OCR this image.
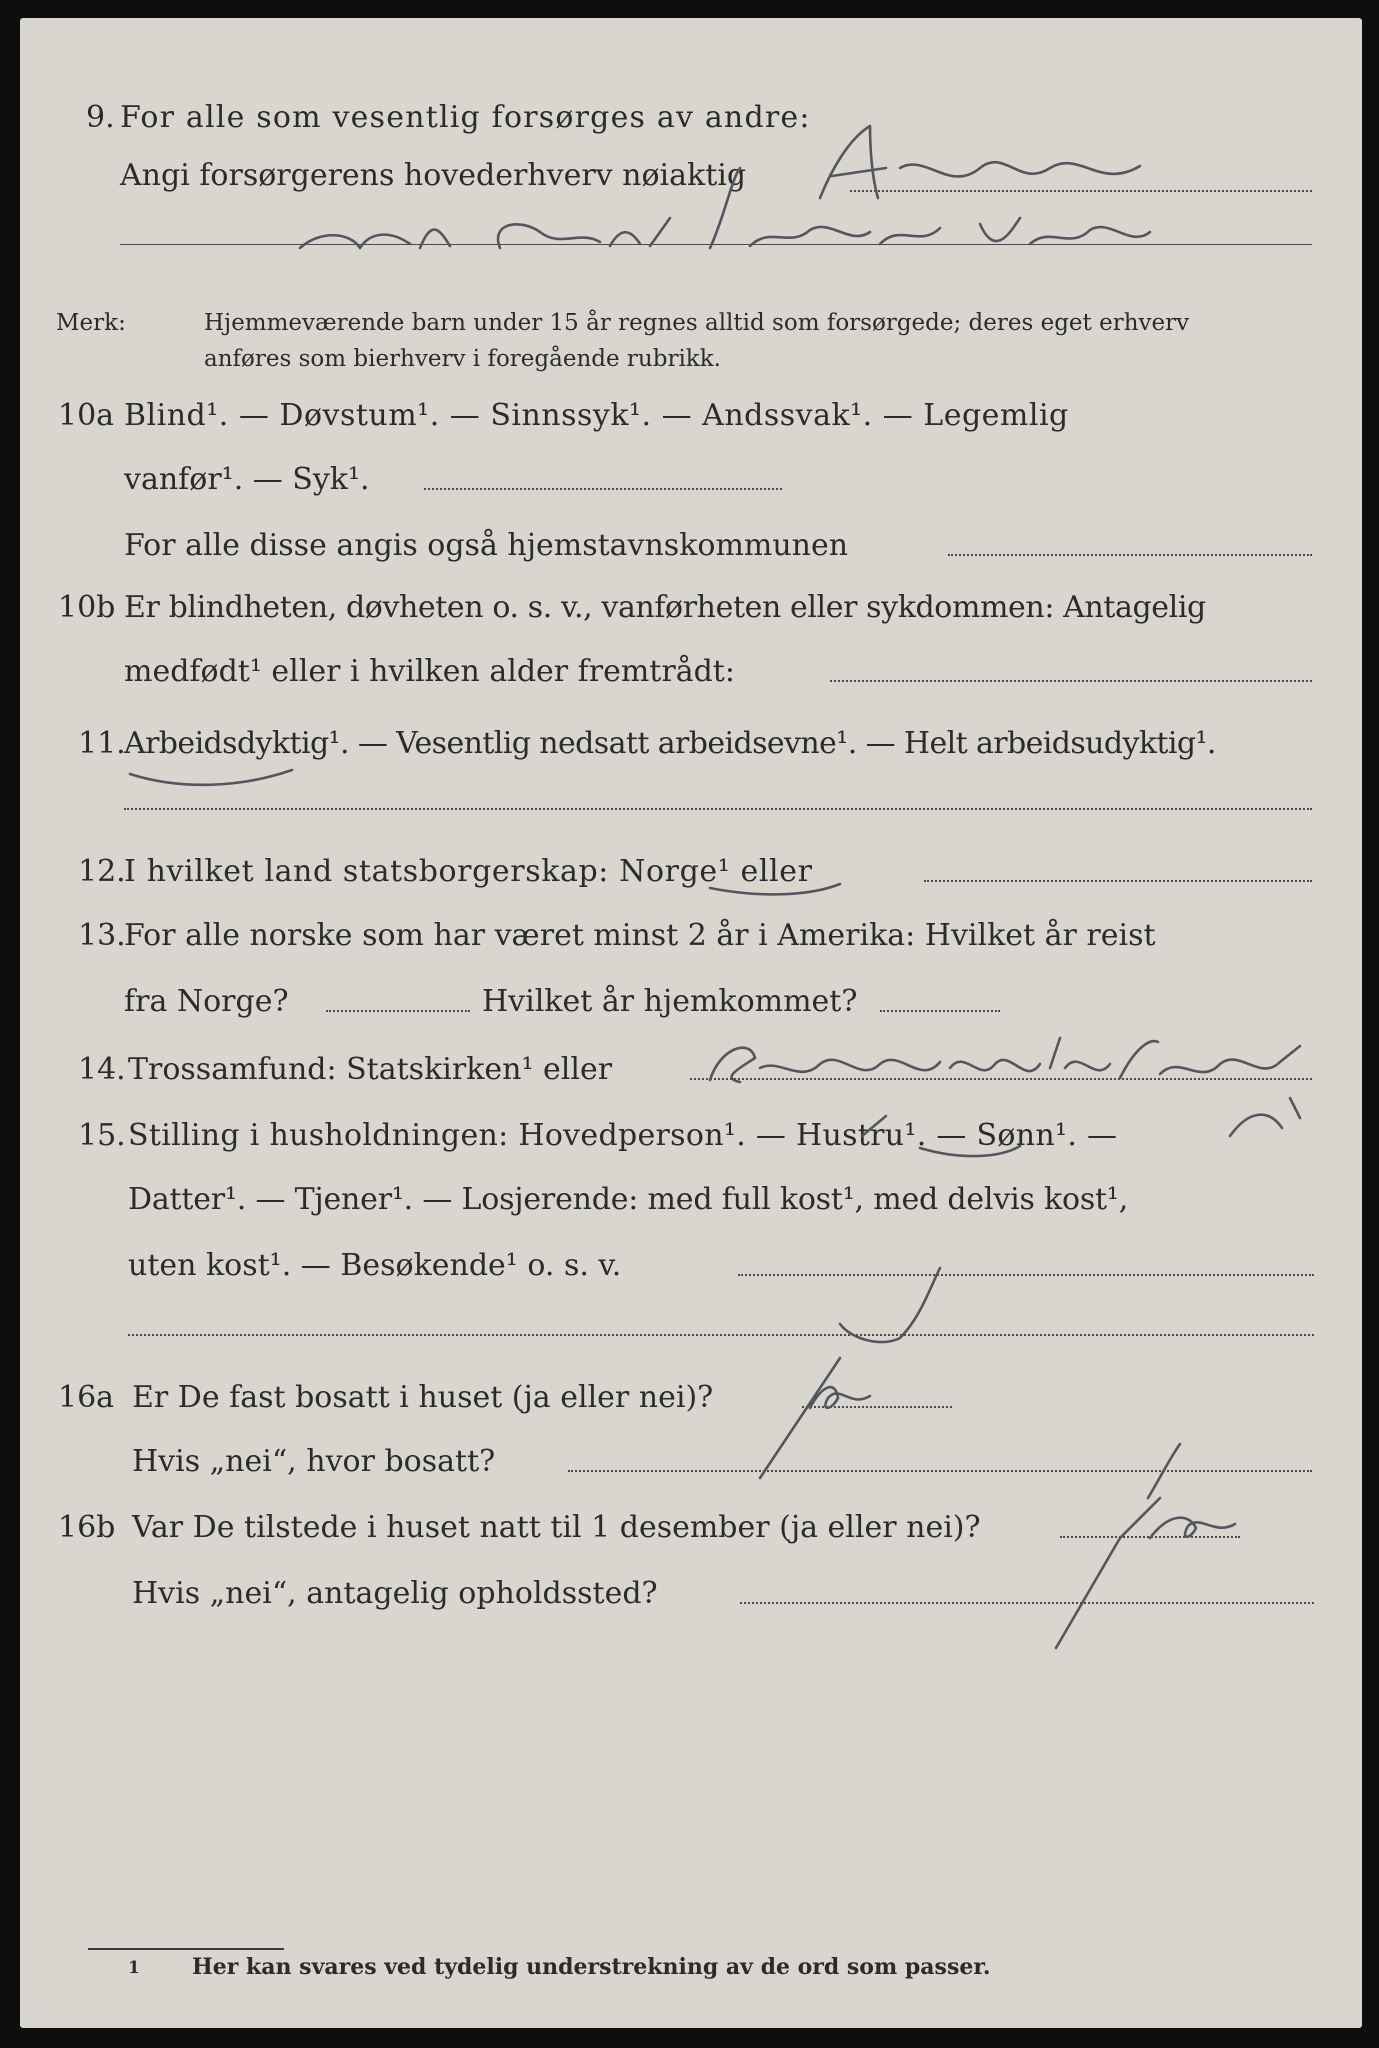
9. For alle som vesentlig forsørges av andre:
Angi forsørgerens hovederhverv nøiaktig
Merk:	Hjemmeværende barn under 15 år regnes alltid som forsørgede; deres eget erhverv
anføres som bierhverv i foregående rubrikk.
10a Blind¹. — Døvstum¹. — Sinnssyk¹. — Andssvak¹. — Legemlig
vanfør¹. — Syk¹.
For alle disse angis også hjemstavnskommunen
10b Er blindheten, døvheten o. s. v., vanførheten eller sykdommen: Antagelig
medfødt¹ eller i hvilken alder fremtrådt:
11.
Arbeidsdyktig¹. — Vesentlig nedsatt arbeidsevne¹. — Helt arbeidsudyktig¹.
12.
I hvilket land statsborgerskap: Norge¹ eller
13.
For alle norske som har været minst 2 år i Amerika: Hvilket år reist
fra Norge?	Hvilket år hjemkommet?
14. Trossamfund: Statskirken¹ eller
15. Stilling i husholdningen: Hovedperson¹. — Hustru¹. — Sønn¹. —
Datter¹. — Tjener¹. — Losjerende: med full kost¹, med delvis kost¹,
uten kost¹. — Besøkende¹ o. s. v.
16a Er De fast bosatt i huset (ja eller nei)?
Hvis „nei“, hvor bosatt?
16b Var De tilstede i huset natt til 1 desember (ja eller nei)?
Hvis „nei“, antagelig opholdssted?
1 Her kan svares ved tydelig understrekning av de ord som passer.
